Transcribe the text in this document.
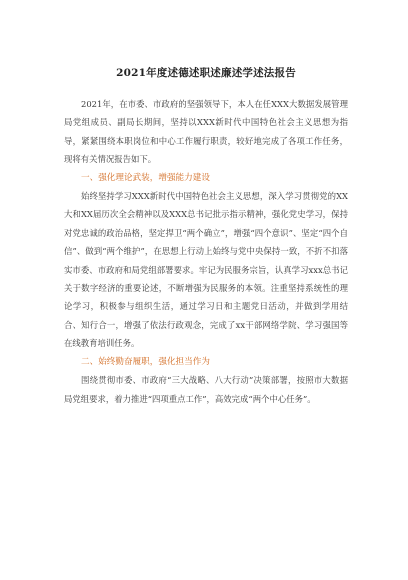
2021年度述德述职述廉述学述法报告

2021年，在市委、市政府的坚强领导下，本人在任XXX大数据发展管理局党组成员、副局长期间，坚持以XXX新时代中国特色社会主义思想为指导，紧紧围绕本职岗位和中心工作履行职责，较好地完成了各项工作任务，现将有关情况报告如下。

一、强化理论武装，增强能力建设

始终坚持学习XXX新时代中国特色社会主义思想，深入学习贯彻党的XX大和XX届历次全会精神以及XXX总书记批示指示精神，强化党史学习，保持对党忠诚的政治品格，坚定捍卫“两个确立”，增强“四个意识”、坚定“四个自信”、做到“两个维护”，在思想上行动上始终与党中央保持一致，不折不扣落实市委、市政府和局党组部署要求。牢记为民服务宗旨，认真学习xxx总书记关于数字经济的重要论述，不断增强为民服务的本领。注重坚持系统性的理论学习，积极参与组织生活，通过学习日和主题党日活动，并做到学用结合、知行合一，增强了依法行政观念，完成了xx干部网络学院、学习强国等在线教育培训任务。

二、始终勤奋履职，强化担当作为

围绕贯彻市委、市政府“三大战略、八大行动”决策部署，按照市大数据局党组要求，着力推进“四项重点工作”，高效完成“两个中心任务”。
